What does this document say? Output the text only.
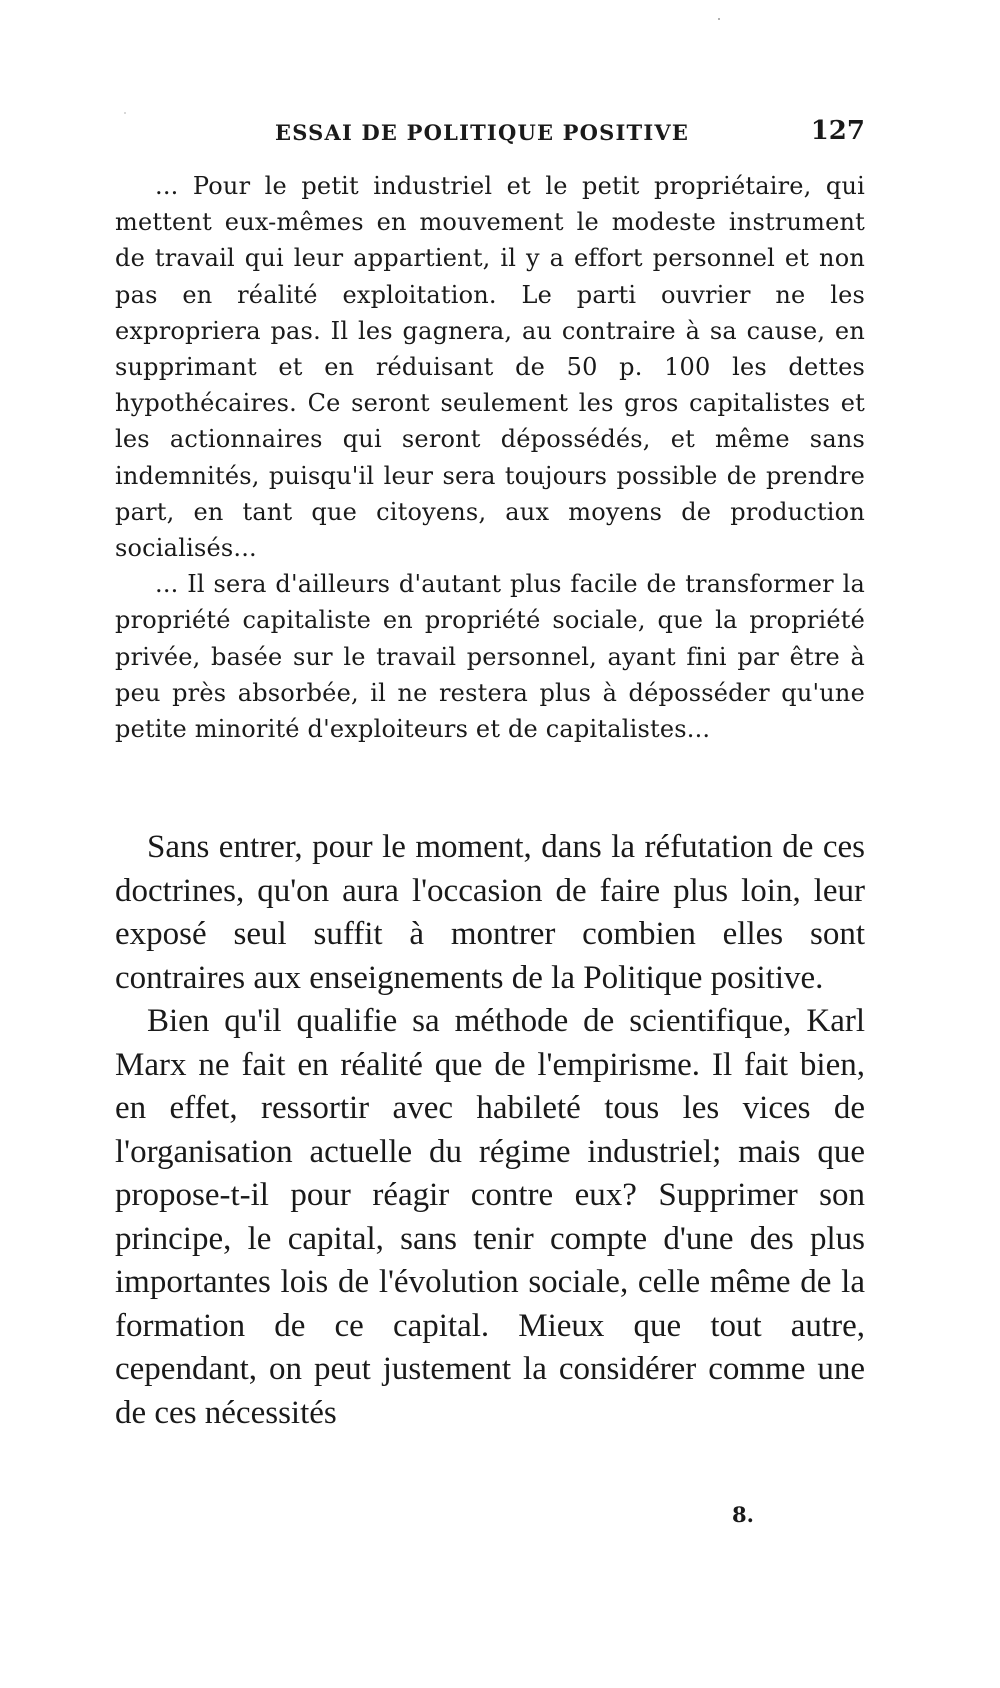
ESSAI DE POLITIQUE POSITIVE	127

... Pour le petit industriel et le petit propriétaire, qui mettent eux-mêmes en mouvement le modeste instrument de travail qui leur appartient, il y a effort personnel et non pas en réalité exploitation. Le parti ouvrier ne les expropriera pas. Il les gagnera, au contraire à sa cause, en supprimant et en réduisant de 50 p. 100 les dettes hypothécaires. Ce seront seulement les gros capitalistes et les actionnaires qui seront dépossédés, et même sans indemnités, puisqu'il leur sera toujours possible de prendre part, en tant que citoyens, aux moyens de production socialisés...

... Il sera d'ailleurs d'autant plus facile de transformer la propriété capitaliste en propriété sociale, que la propriété privée, basée sur le travail personnel, ayant fini par être à peu près absorbée, il ne restera plus à déposséder qu'une petite minorité d'exploiteurs et de capitalistes...

Sans entrer, pour le moment, dans la réfutation de ces doctrines, qu'on aura l'occasion de faire plus loin, leur exposé seul suffit à montrer combien elles sont contraires aux enseignements de la Politique positive.

Bien qu'il qualifie sa méthode de scientifique, Karl Marx ne fait en réalité que de l'empirisme. Il fait bien, en effet, ressortir avec habileté tous les vices de l'organisation actuelle du régime industriel; mais que propose-t-il pour réagir contre eux? Supprimer son principe, le capital, sans tenir compte d'une des plus importantes lois de l'évolution sociale, celle même de la formation de ce capital. Mieux que tout autre, cependant, on peut justement la considérer comme une de ces nécessités

8.
